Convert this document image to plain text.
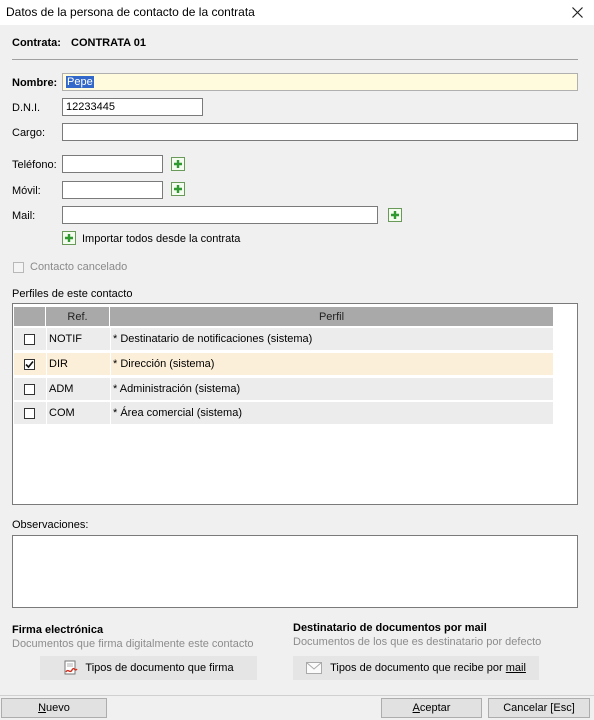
Datos de la persona de contacto de la contrata
Contrata: CONTRATA 01
Nombre: Pepe
D.N.I.	12233445
Cargo:
Teléfono:
Móvil:
Mail:
Importar todos desde la contrata
Contacto cancelado
Perfiles de este contacto
Ref.	Perfil
NOTIF	* Destinatario de notificaciones (sistema)
DIR	* Dirección (sistema)
ADM	* Administración (sistema)
COM	* Área comercial (sistema)
Observaciones:
Firma electrónica
Documentos que firma digitalmente este contacto
Tipos de documento que firma
Destinatario de documentos por mail
Documentos de los que es destinatario por defecto
Tipos de documento que recibe por mail
Nuevo	Aceptar	Cancelar [Esc]
